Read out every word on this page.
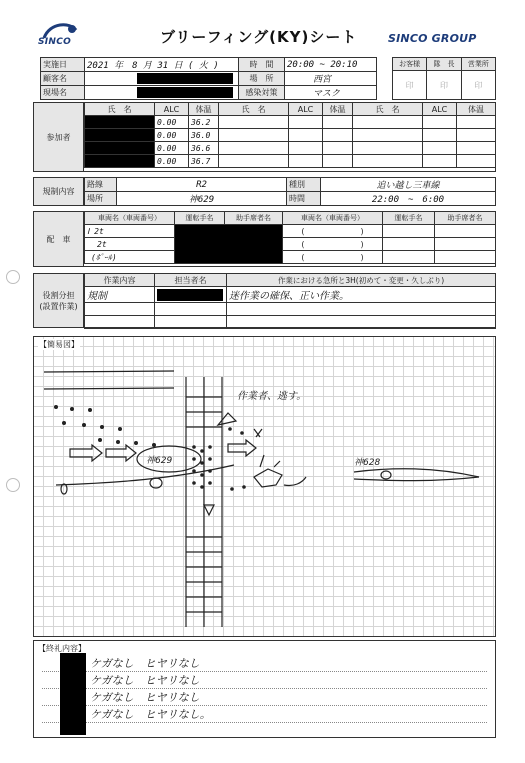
SINCO	ブリーフィング(KY)シート	SINCO GROUP
実施日	2021 年　8 月 31 日 ( 火 )	時　間	20:00 ~ 20:10
顧客名		場　所	西宮
現場名		感染対策	マスク
お客様	隊　長	営業所
印	印	印
参加者
氏　名	ALC	体温	氏　名	ALC	体温	氏　名	ALC	体温
	0.00	36.2						
	0.00	36.0						
	0.00	36.6						
	0.00	36.7						
規制内容
路線	R2	種別	追い越し三車線
場所	神629	時間	22:00　~　6:00
配　車
車両名（車両番号）	運転手名	助手席者名	車両名（車両番号）	運転手名	助手席者名
Ⅰ 2t			(　　　　　　　)		
2t			(　　　　　　　)		
(ﾎﾟｰﾙ)			(　　　　　　　)		
役割分担
(設置作業)
作業内容	担当者名	作業における急所と3H(初めて・変更・久しぶり)
規制		迷作業の確保、正い作業。

【簡易図】
作業者、逃す。
神629	神628
【終礼内容】
ケガなし　ヒヤリなし
ケガなし　ヒヤリなし
ケガなし　ヒヤリなし
ケガなし　ヒヤリなし。
